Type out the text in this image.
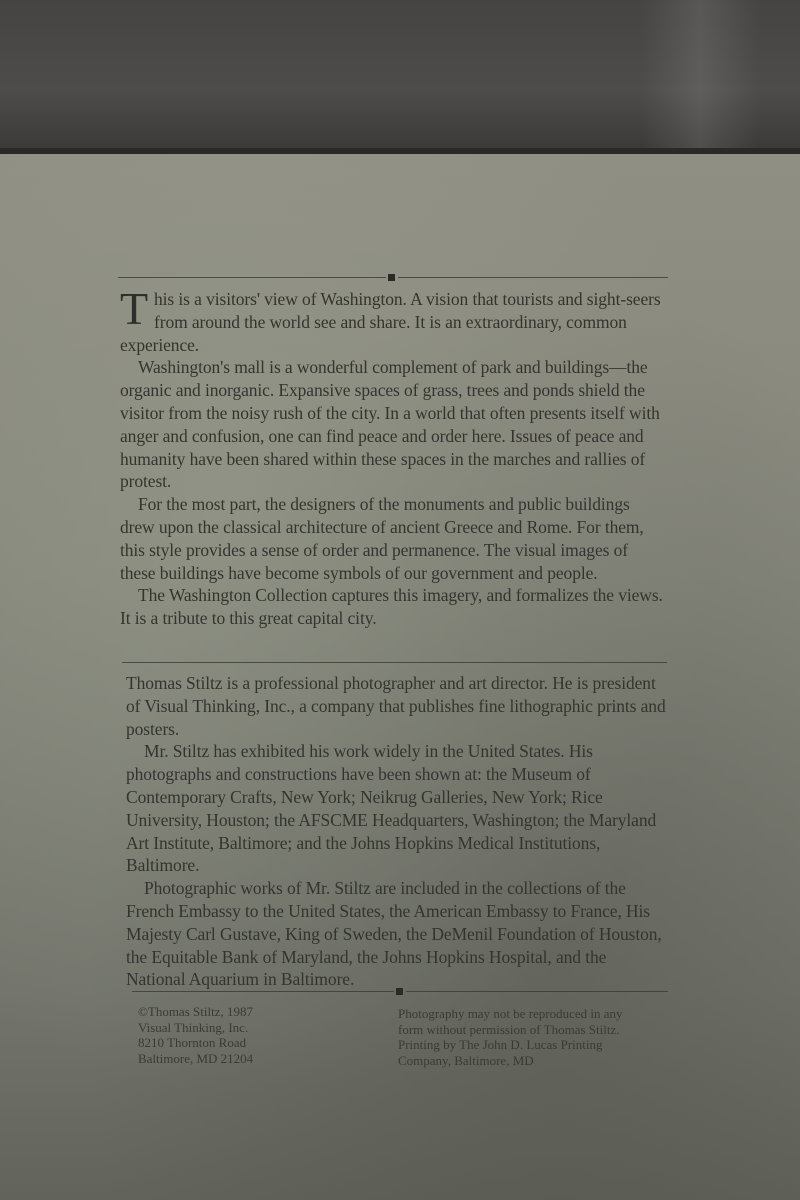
This is a visitors' view of Washington. A vision that tourists and sight-seers from around the world see and share. It is an extraordinary, common experience.

Washington's mall is a wonderful complement of park and buildings—the organic and inorganic. Expansive spaces of grass, trees and ponds shield the visitor from the noisy rush of the city. In a world that often presents itself with anger and confusion, one can find peace and order here. Issues of peace and humanity have been shared within these spaces in the marches and rallies of protest.

For the most part, the designers of the monuments and public buildings drew upon the classical architecture of ancient Greece and Rome. For them, this style provides a sense of order and permanence. The visual images of these buildings have become symbols of our government and people.

The Washington Collection captures this imagery, and formalizes the views. It is a tribute to this great capital city.

Thomas Stiltz is a professional photographer and art director. He is president of Visual Thinking, Inc., a company that publishes fine lithographic prints and posters.

Mr. Stiltz has exhibited his work widely in the United States. His photographs and constructions have been shown at: the Museum of Contemporary Crafts, New York; Neikrug Galleries, New York; Rice University, Houston; the AFSCME Headquarters, Washington; the Maryland Art Institute, Baltimore; and the Johns Hopkins Medical Institutions, Baltimore.

Photographic works of Mr. Stiltz are included in the collections of the French Embassy to the United States, the American Embassy to France, His Majesty Carl Gustave, King of Sweden, the DeMenil Foundation of Houston, the Equitable Bank of Maryland, the Johns Hopkins Hospital, and the National Aquarium in Baltimore.

©Thomas Stiltz, 1987
Visual Thinking, Inc.
8210 Thornton Road
Baltimore, MD 21204
Photography may not be reproduced in any
form without permission of Thomas Stiltz.
Printing by The John D. Lucas Printing
Company, Baltimore, MD
